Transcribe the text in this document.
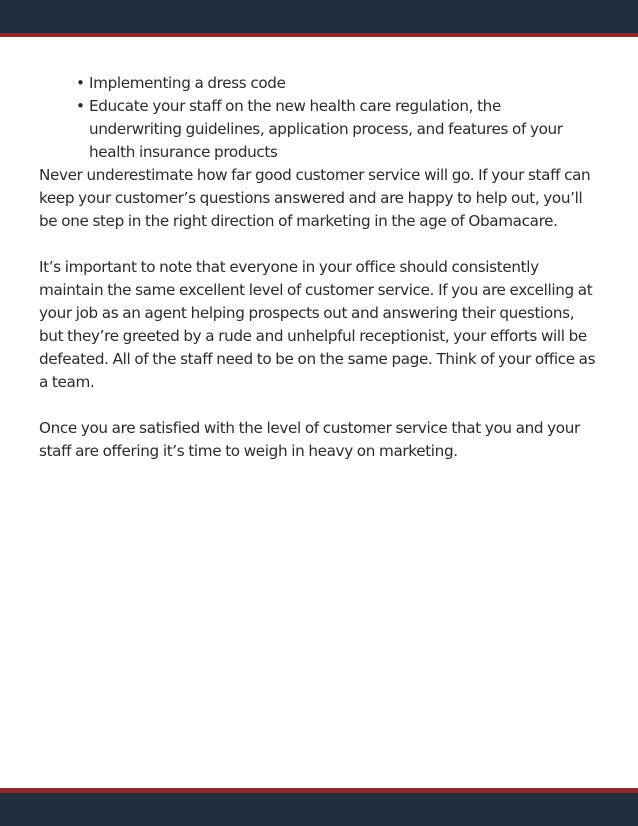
• Implementing a dress code
• Educate your staff on the new health care regulation, the underwriting guidelines, application process, and features of your health insurance products

Never underestimate how far good customer service will go. If your staff can keep your customer’s questions answered and are happy to help out, you’ll be one step in the right direction of marketing in the age of Obamacare.

It’s important to note that everyone in your office should consistently maintain the same excellent level of customer service. If you are excelling at your job as an agent helping prospects out and answering their questions, but they’re greeted by a rude and unhelpful receptionist, your efforts will be defeated. All of the staff need to be on the same page. Think of your office as a team.

Once you are satisfied with the level of customer service that you and your staff are offering it’s time to weigh in heavy on marketing.
